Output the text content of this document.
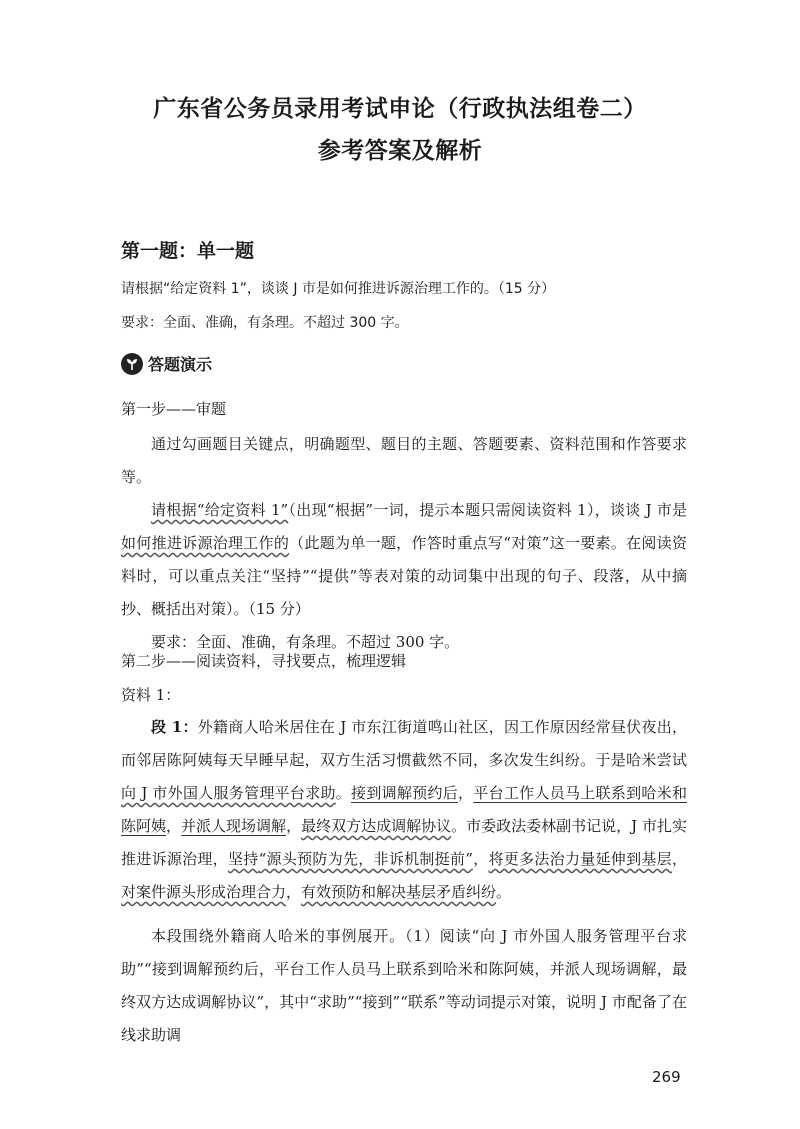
广东省公务员录用考试申论（行政执法组卷二）
参考答案及解析
第一题：单一题
请根据“给定资料 1”，谈谈 J 市是如何推进诉源治理工作的。（15 分）
要求：全面、准确，有条理。不超过 300 字。
答题演示
第一步——审题
通过勾画题目关键点，明确题型、题目的主题、答题要素、资料范围和作答要求等。
请根据“给定资料 1”（出现“根据”一词，提示本题只需阅读资料 1），谈谈 J 市是如何推进诉源治理工作的（此题为单一题，作答时重点写“对策”这一要素。在阅读资料时，可以重点关注“坚持”“提供”等表对策的动词集中出现的句子、段落，从中摘抄、概括出对策）。（15 分）
要求：全面、准确，有条理。不超过 300 字。
第二步——阅读资料，寻找要点，梳理逻辑
资料 1：
段 1：外籍商人哈米居住在 J 市东江街道鸣山社区，因工作原因经常昼伏夜出，而邻居陈阿姨每天早睡早起，双方生活习惯截然不同，多次发生纠纷。于是哈米尝试向 J 市外国人服务管理平台求助。接到调解预约后，平台工作人员马上联系到哈米和陈阿姨，并派人现场调解，最终双方达成调解协议。市委政法委林副书记说，J 市扎实推进诉源治理，坚持“源头预防为先，非诉机制挺前”，将更多法治力量延伸到基层，对案件源头形成治理合力，有效预防和解决基层矛盾纠纷。
本段围绕外籍商人哈米的事例展开。（1）阅读“向 J 市外国人服务管理平台求助”“接到调解预约后，平台工作人员马上联系到哈米和陈阿姨，并派人现场调解，最终双方达成调解协议”，其中“求助”“接到”“联系”等动词提示对策，说明 J 市配备了在线求助调
269
